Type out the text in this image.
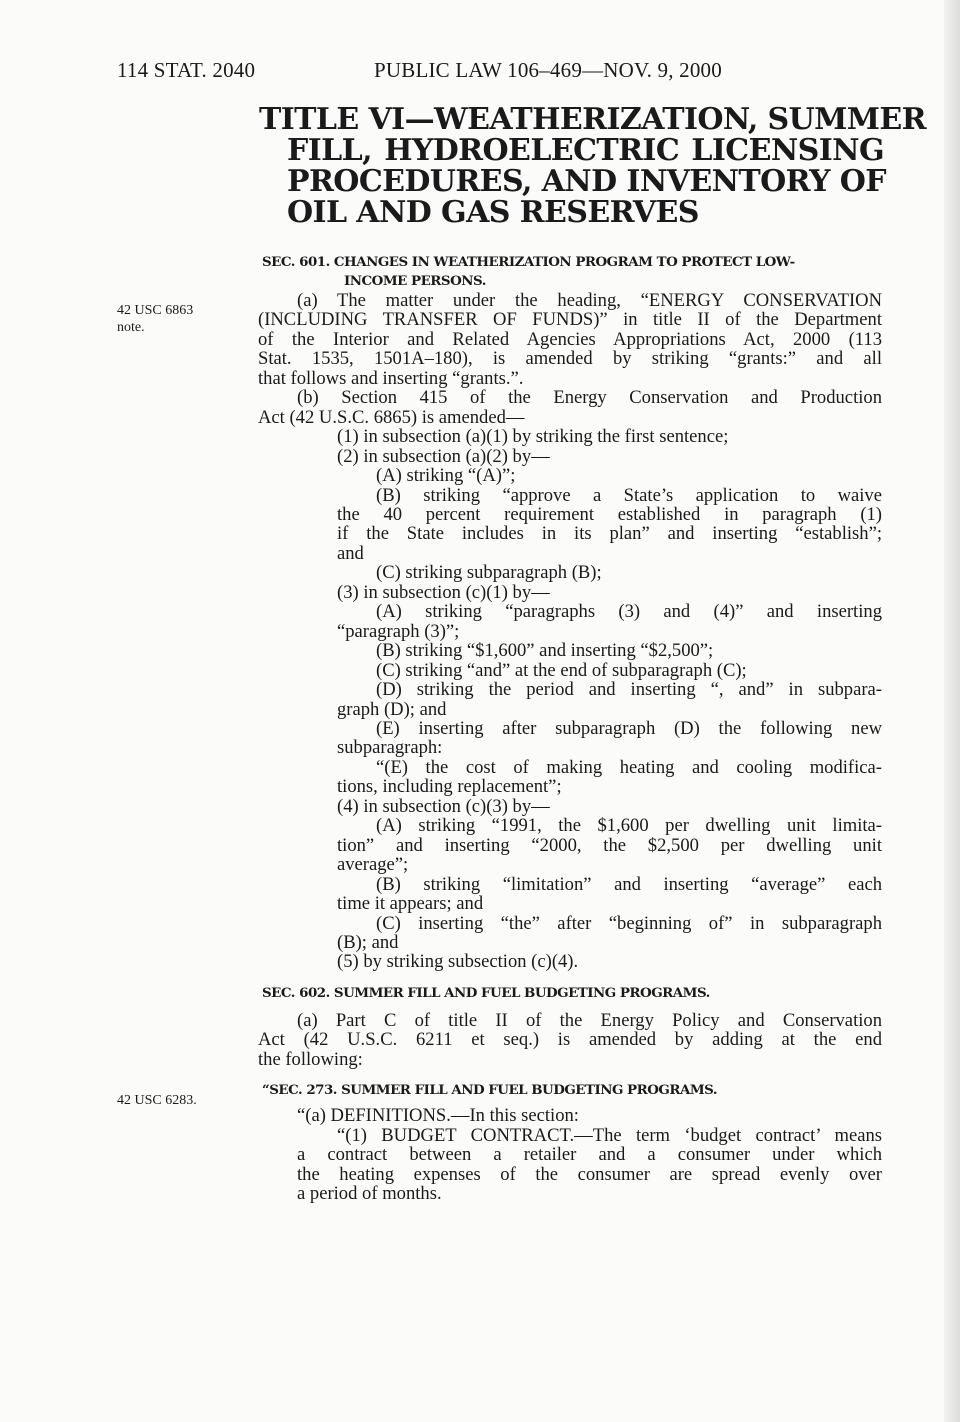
114 STAT. 2040	PUBLIC LAW 106–469—NOV. 9, 2000
TITLE VI—WEATHERIZATION, SUMMER
FILL, HYDROELECTRIC LICENSING
PROCEDURES, AND INVENTORY OF
OIL AND GAS RESERVES
42 USC 6863
note.
42 USC 6283.
SEC. 601. CHANGES IN WEATHERIZATION PROGRAM TO PROTECT LOW-
INCOME PERSONS.
(a) The matter under the heading, “ENERGY CONSERVATION
(INCLUDING TRANSFER OF FUNDS)” in title II of the Department
of the Interior and Related Agencies Appropriations Act, 2000 (113
Stat. 1535, 1501A–180), is amended by striking “grants:” and all
that follows and inserting “grants.”.
(b) Section 415 of the Energy Conservation and Production
Act (42 U.S.C. 6865) is amended—
(1) in subsection (a)(1) by striking the first sentence;
(2) in subsection (a)(2) by—
(A) striking “(A)”;
(B) striking “approve a State’s application to waive
the 40 percent requirement established in paragraph (1)
if the State includes in its plan” and inserting “establish”;
and
(C) striking subparagraph (B);
(3) in subsection (c)(1) by—
(A) striking “paragraphs (3) and (4)” and inserting
“paragraph (3)”;
(B) striking “$1,600” and inserting “$2,500”;
(C) striking “and” at the end of subparagraph (C);
(D) striking the period and inserting “, and” in subpara-
graph (D); and
(E) inserting after subparagraph (D) the following new
subparagraph:
“(E) the cost of making heating and cooling modifica-
tions, including replacement”;
(4) in subsection (c)(3) by—
(A) striking “1991, the $1,600 per dwelling unit limita-
tion” and inserting “2000, the $2,500 per dwelling unit
average”;
(B) striking “limitation” and inserting “average” each
time it appears; and
(C) inserting “the” after “beginning of” in subparagraph
(B); and
(5) by striking subsection (c)(4).
SEC. 602. SUMMER FILL AND FUEL BUDGETING PROGRAMS.
(a) Part C of title II of the Energy Policy and Conservation
Act (42 U.S.C. 6211 et seq.) is amended by adding at the end
the following:
“SEC. 273. SUMMER FILL AND FUEL BUDGETING PROGRAMS.
“(a) DEFINITIONS.—In this section:
“(1) BUDGET CONTRACT.—The term ‘budget contract’ means
a contract between a retailer and a consumer under which
the heating expenses of the consumer are spread evenly over
a period of months.
